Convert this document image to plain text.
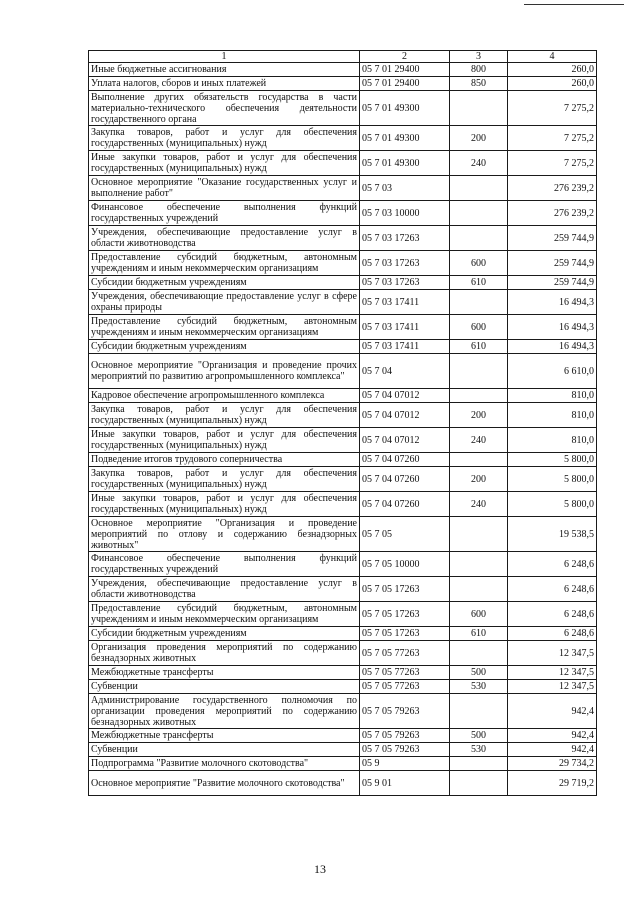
1	2	3	4
Иные бюджетные ассигнования	05 7 01 29400	800	260,0
Уплата налогов, сборов и иных платежей	05 7 01 29400	850	260,0
Выполнение других обязательств государства в части материально-технического обеспечения деятельности государственного органа	05 7 01 49300		7 275,2
Закупка товаров, работ и услуг для обеспечения государственных (муниципальных) нужд	05 7 01 49300	200	7 275,2
Иные закупки товаров, работ и услуг для обеспечения государственных (муниципальных) нужд	05 7 01 49300	240	7 275,2
Основное мероприятие "Оказание государственных услуг и выполнение работ"	05 7 03		276 239,2
Финансовое обеспечение выполнения функций государственных учреждений	05 7 03 10000		276 239,2
Учреждения, обеспечивающие предоставление услуг в области животноводства	05 7 03 17263		259 744,9
Предоставление субсидий бюджетным, автономным учреждениям и иным некоммерческим организациям	05 7 03 17263	600	259 744,9
Субсидии бюджетным учреждениям	05 7 03 17263	610	259 744,9
Учреждения, обеспечивающие предоставление услуг в сфере охраны природы	05 7 03 17411		16 494,3
Предоставление субсидий бюджетным, автономным учреждениям и иным некоммерческим организациям	05 7 03 17411	600	16 494,3
Субсидии бюджетным учреждениям	05 7 03 17411	610	16 494,3
Основное мероприятие "Организация и проведение прочих мероприятий по развитию агропромышленного комплекса"	05 7 04		6 610,0
Кадровое обеспечение агропромышленного комплекса	05 7 04 07012		810,0
Закупка товаров, работ и услуг для обеспечения государственных (муниципальных) нужд	05 7 04 07012	200	810,0
Иные закупки товаров, работ и услуг для обеспечения государственных (муниципальных) нужд	05 7 04 07012	240	810,0
Подведение итогов трудового соперничества	05 7 04 07260		5 800,0
Закупка товаров, работ и услуг для обеспечения государственных (муниципальных) нужд	05 7 04 07260	200	5 800,0
Иные закупки товаров, работ и услуг для обеспечения государственных (муниципальных) нужд	05 7 04 07260	240	5 800,0
Основное мероприятие "Организация и проведение мероприятий по отлову и содержанию безнадзорных животных"	05 7 05		19 538,5
Финансовое обеспечение выполнения функций государственных учреждений	05 7 05 10000		6 248,6
Учреждения, обеспечивающие предоставление услуг в области животноводства	05 7 05 17263		6 248,6
Предоставление субсидий бюджетным, автономным учреждениям и иным некоммерческим организациям	05 7 05 17263	600	6 248,6
Субсидии бюджетным учреждениям	05 7 05 17263	610	6 248,6
Организация проведения мероприятий по содержанию безнадзорных животных	05 7 05 77263		12 347,5
Межбюджетные трансферты	05 7 05 77263	500	12 347,5
Субвенции	05 7 05 77263	530	12 347,5
Администрирование государственного полномочия по организации проведения мероприятий по содержанию безнадзорных животных	05 7 05 79263		942,4
Межбюджетные трансферты	05 7 05 79263	500	942,4
Субвенции	05 7 05 79263	530	942,4
Подпрограмма "Развитие молочного скотоводства"	05 9		29 734,2
Основное мероприятие "Развитие молочного скотоводства"	05 9 01		29 719,2
13
